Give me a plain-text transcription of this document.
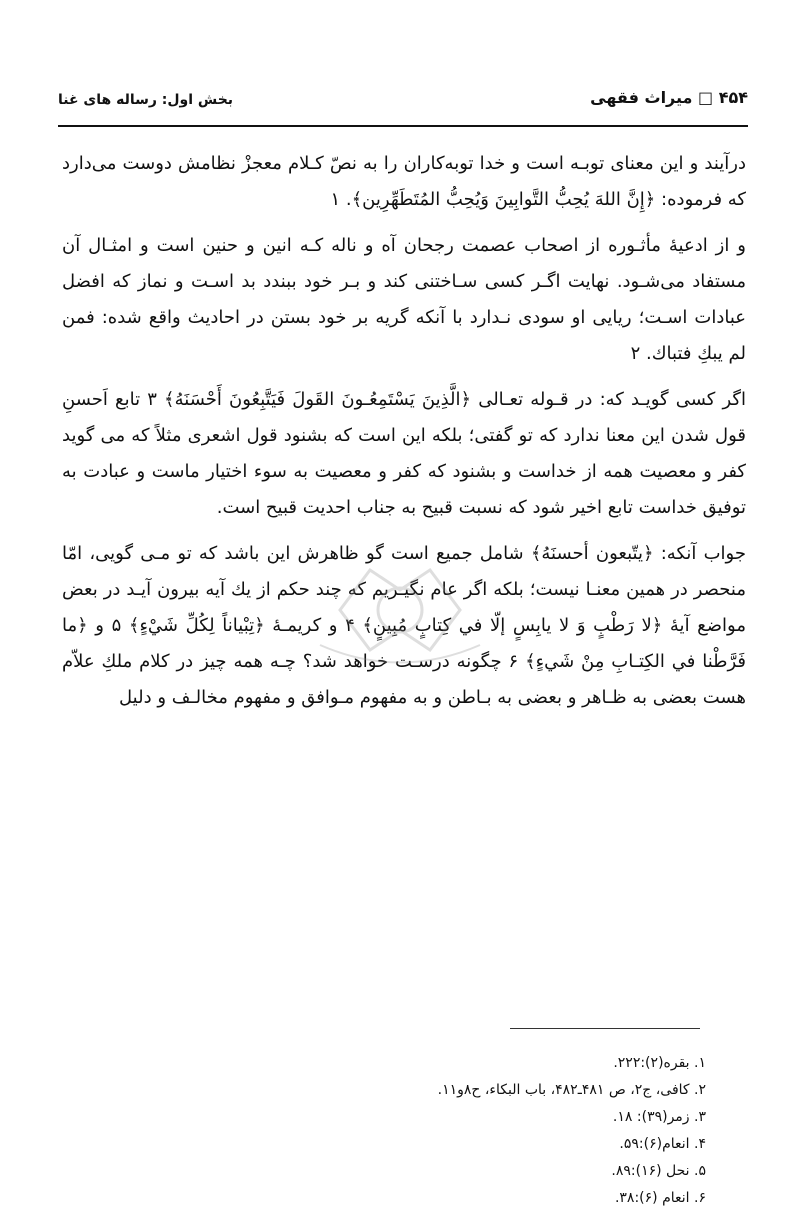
بخش اول: رساله های غنا	۴۵۴ □ میراث فقهی

درآیند و این معنای توبـه است و خدا توبه‌کاران را به نصّ کـلام معجزْ نظامش دوست می‌دارد که فرموده: ﴿إِنَّ اللهَ يُحِبُّ التَّوابِينَ وَيُحِبُّ المُتَطَهِّرِين﴾. ۱

و از ادعیهٔ مأثـوره از اصحاب عصمت رجحان آه و ناله کـه انین و حنین است و امثـال آن مستفاد می‌شـود. نهایت اگـر کسی سـاختنی کند و بـر خود ببندد بد اسـت و نماز که افضل عبادات اسـت؛ ریایی او سودی نـدارد با آنکه گریه بر خود بستن در احادیث واقع شده: فمن لم يبكِ فتباك. ۲

اگر کسی گویـد که: در قـوله تعـالی ﴿الَّذِينَ يَسْتَمِعُـونَ القَولَ فَيَتَّبِعُونَ أَحْسَنَهُ﴾ ۳ تابع اَحسنِ قول شدن این معنا ندارد که تو گفتی؛ بلکه این است که بشنود قول اشعری مثلاً که می گوید کفر و معصیت همه از خداست و بشنود که کفر و معصیت به سوء اختیار ماست و عبادت به توفیق خداست تابع اخیر شود که نسبت قبیح به جناب احدیت قبیح است.

جواب آنکه: ﴿يتّبعون أحسنَهُ﴾ شامل جمیع است گو ظاهرش این باشد که تو مـی گویی، امّا منحصر در همین معنـا نیست؛ بلکه اگر عام نگیـریم که چند حکم از یك آیه بیرون آیـد در بعض مواضع آیهٔ ﴿لا رَطْبٍ وَ لا يابِسٍ إلّا في كِتابٍ مُبِينٍ﴾ ۴ و کریمـهٔ ﴿تِبْياناً لِكُلِّ شَيْءٍ﴾ ۵ و ﴿ما فَرَّطْنا في الكِتـابِ مِنْ شَيءٍ﴾ ۶ چگونه درسـت خواهد شد؟ چـه همه چیز در کلام ملكِ علاّم هست بعضی به ظـاهر و بعضی به بـاطن و به مفهوم مـوافق و مفهوم مخالـف و دلیل

۱. بقره(۲):۲۲۲.
۲. کافی، ج۲، ص ۴۸۱ـ۴۸۲، باب البکاء، ح۸و۱۱.
۳. زمر(۳۹): ۱۸.
۴. انعام(۶):۵۹.
۵. نحل (۱۶):۸۹.
۶. انعام (۶):۳۸.
